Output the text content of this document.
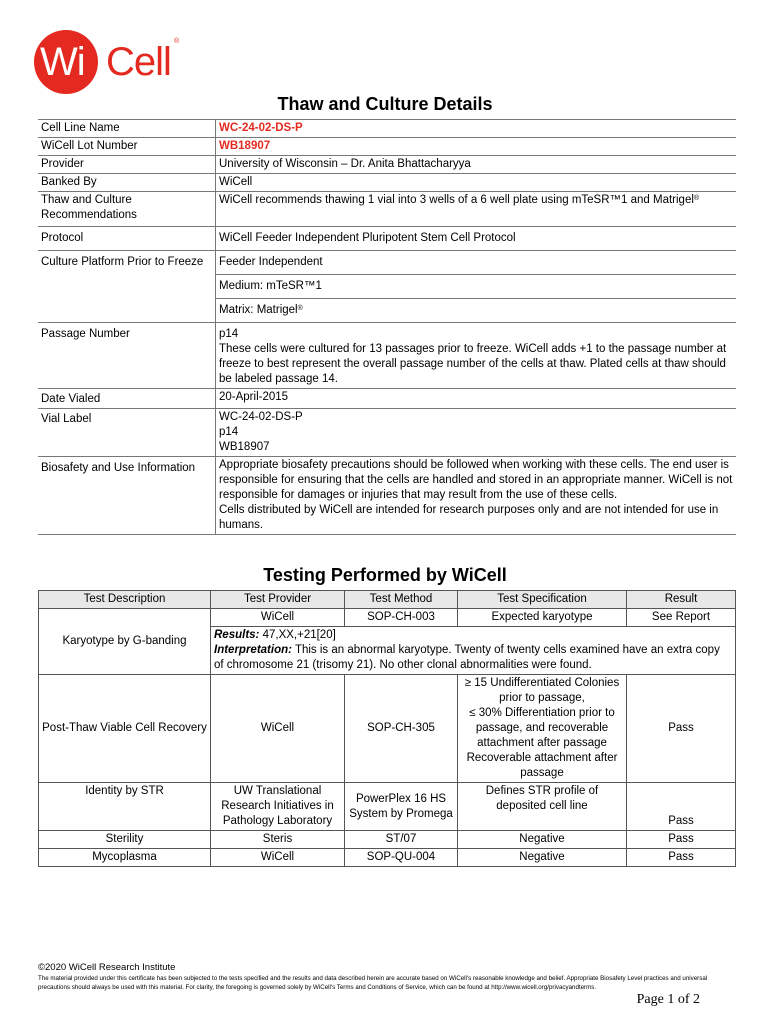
Wi Cell ®
Thaw and Culture Details
Cell Line Name	WC-24-02-DS-P
WiCell Lot Number	WB18907
Provider	University of Wisconsin – Dr. Anita Bhattacharyya
Banked By	WiCell
Thaw and Culture Recommendations	WiCell recommends thawing 1 vial into 3 wells of a 6 well plate using mTeSR™1 and Matrigel®
Protocol	WiCell Feeder Independent Pluripotent Stem Cell Protocol
Culture Platform Prior to Freeze	Feeder Independent
	Medium: mTeSR™1
	Matrix: Matrigel®
Passage Number	p14
These cells were cultured for 13 passages prior to freeze. WiCell adds +1 to the passage number at freeze to best represent the overall passage number of the cells at thaw. Plated cells at thaw should be labeled passage 14.

Date Vialed	20-April-2015
Vial Label	WC-24-02-DS-P
p14
WB18907

Biosafety and Use Information	Appropriate biosafety precautions should be followed when working with these cells. The end user is responsible for ensuring that the cells are handled and stored in an appropriate manner. WiCell is not responsible for damages or injuries that may result from the use of these cells.
Cells distributed by WiCell are intended for research purposes only and are not intended for use in humans.
Testing Performed by WiCell
Test Description	Test Provider	Test Method	Test Specification	Result
Karyotype by G-banding	WiCell	SOP-CH-003	Expected karyotype	See Report

	Results: 47,XX,+21[20]
Interpretation: This is an abnormal karyotype. Twenty of twenty cells examined have an extra copy of chromosome 21 (trisomy 21). No other clonal abnormalities were found.			

Post-Thaw Viable Cell Recovery	WiCell	SOP-CH-305	≥ 15 Undifferentiated Colonies prior to passage,
≤ 30% Differentiation prior to passage, and recoverable attachment after passage
Recoverable attachment after passage	Pass
Identity by STR	UW Translational Research Initiatives in Pathology Laboratory	PowerPlex 16 HS System by Promega	Defines STR profile of deposited cell line	Pass
Sterility	Steris	ST/07	Negative	Pass
Mycoplasma	WiCell	SOP-QU-004	Negative	Pass
©2020 WiCell Research Institute
The material provided under this certificate has been subjected to the tests specified and the results and data described herein are accurate based on WiCell's reasonable knowledge and belief. Appropriate Biosafety Level practices and universal precautions should always be used with this material. For clarity, the foregoing is governed solely by WiCell's Terms and Conditions of Service, which can be found at http://www.wicell.org/privacyandterms.
Page 1 of 2
